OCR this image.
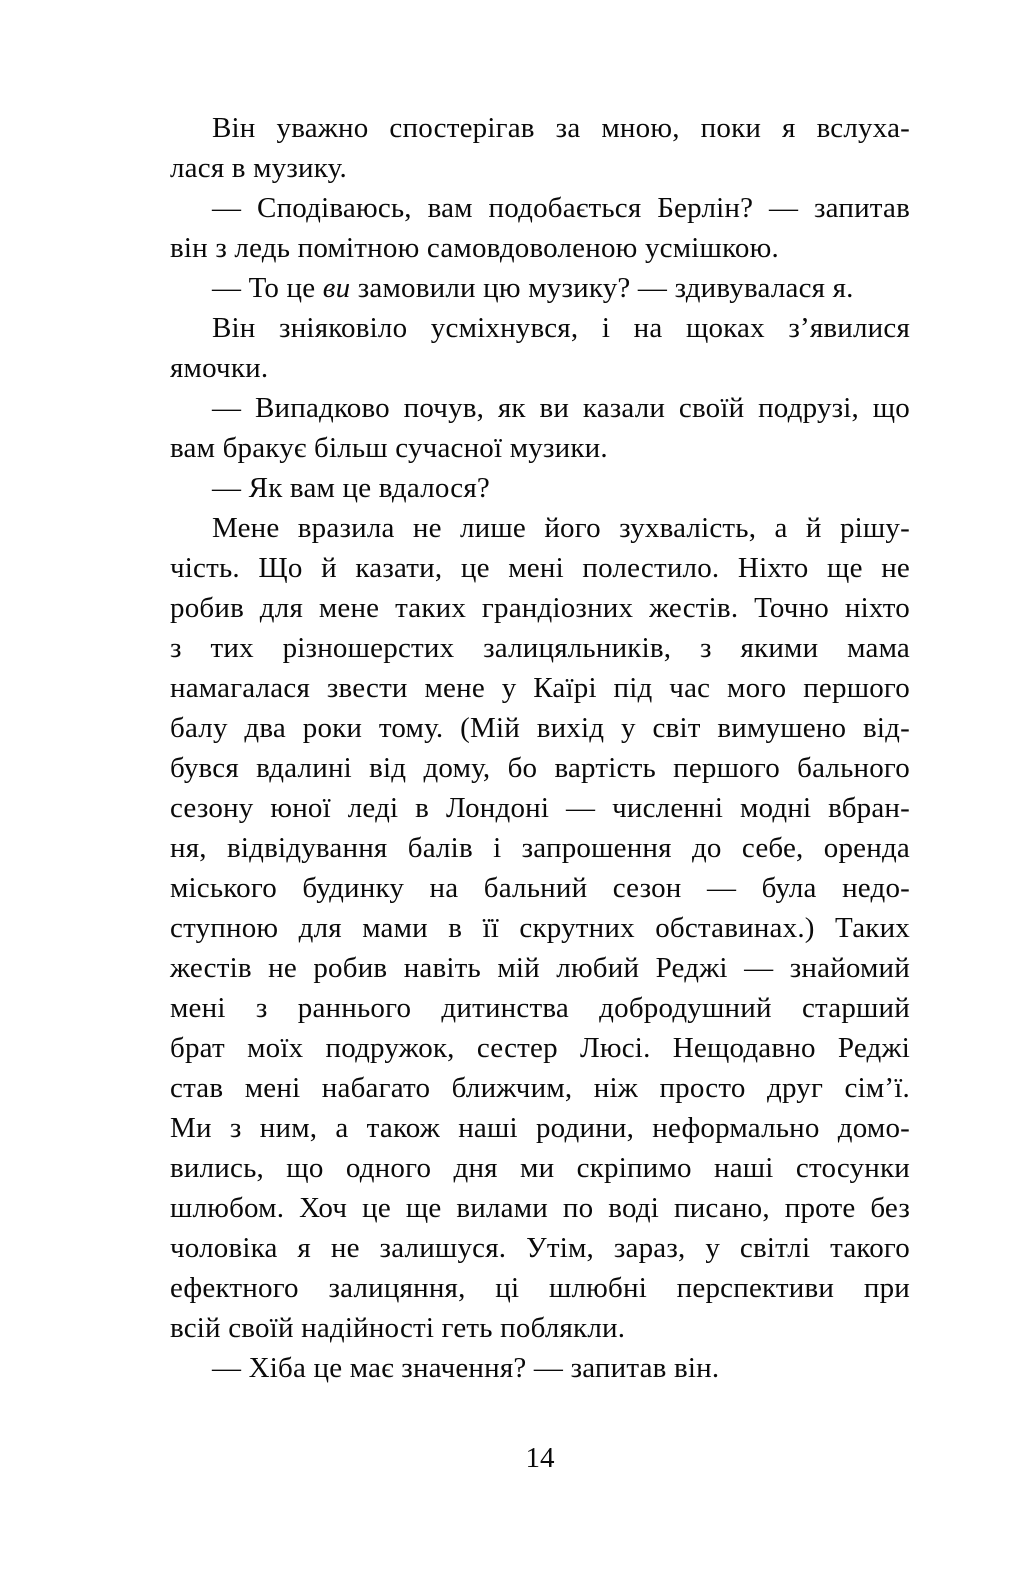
Він уважно спостерігав за мною, поки я вслуха-
лася в музику.
— Сподіваюсь, вам подобається Берлін? — запитав
він з ледь помітною самовдоволеною усмішкою.
— То це ви замовили цю музику? — здивувалася я.
Він зніяковіло усміхнувся, і на щоках з’явилися
ямочки.
— Випадково почув, як ви казали своїй подрузі, що
вам бракує більш сучасної музики.
— Як вам це вдалося?
Мене вразила не лише його зухвалість, а й рішу-
чість. Що й казати, це мені полестило. Ніхто ще не
робив для мене таких грандіозних жестів. Точно ніхто
з тих різношерстих залицяльників, з якими мама
намагалася звести мене у Каїрі під час мого першого
балу два роки тому. (Мій вихід у світ вимушено від-
бувся вдалині від дому, бо вартість першого бального
сезону юної леді в Лондоні — численні модні вбран-
ня, відвідування балів і запрошення до себе, оренда
міського будинку на бальний сезон — була недо-
ступною для мами в її скрутних обставинах.) Таких
жестів не робив навіть мій любий Реджі — знайомий
мені з раннього дитинства добродушний старший
брат моїх подружок, сестер Люсі. Нещодавно Реджі
став мені набагато ближчим, ніж просто друг сім’ї.
Ми з ним, а також наші родини, неформально домо-
вились, що одного дня ми скріпимо наші стосунки
шлюбом. Хоч це ще вилами по воді писано, проте без
чоловіка я не залишуся. Утім, зараз, у світлі такого
ефектного залицяння, ці шлюбні перспективи при
всій своїй надійності геть поблякли.
— Хіба це має значення? — запитав він.
14
